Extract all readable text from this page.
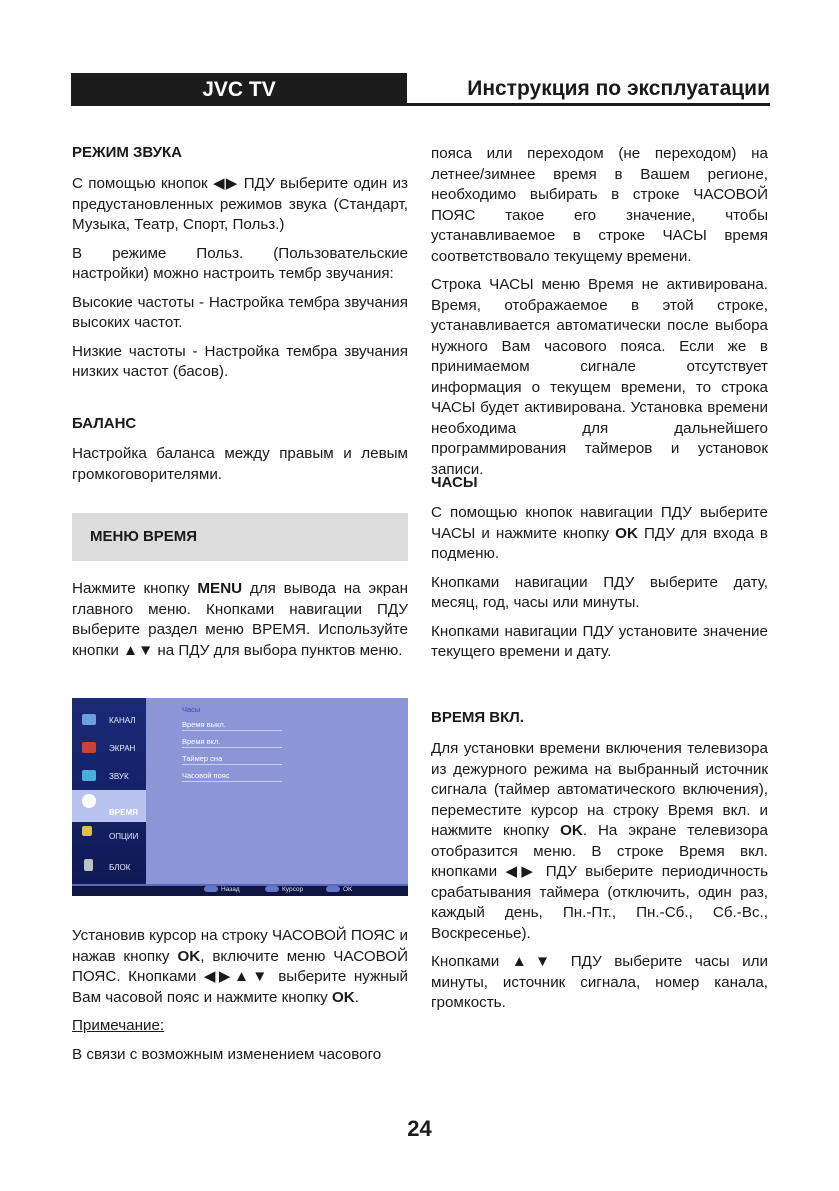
JVC TV	Инструкция по эксплуатации
РЕЖИМ ЗВУКА

С помощью кнопок ◀▶ ПДУ выберите один из предустановленных режимов звука (Стандарт, Музыка, Театр, Спорт, Польз.)

В режиме Польз. (Пользовательские настройки) можно настроить тембр звучания:

Высокие частоты - Настройка тембра звучания высоких частот.

Низкие частоты - Настройка тембра звучания низких частот (басов).

БАЛАНС

Настройка баланса между правым и левым громкоговорителями.

МЕНЮ ВРЕМЯ

Нажмите кнопку MENU для вывода на экран главного меню. Кнопками навигации ПДУ выберите раздел меню ВРЕМЯ. Используйте кнопки ▲▼ на ПДУ для выбора пунктов меню.

КАНАЛ
ЭКРАН
ЗВУК
ВРЕМЯ
ОПЦИИ
БЛОК
Часы
Время выкл.
Время вкл.
Таймер сна
Часовой пояс
Назад	Курсор	OK

Установив курсор на строку ЧАСОВОЙ ПОЯС и нажав кнопку OK, включите меню ЧАСОВОЙ ПОЯС. Кнопками ◀▶▲▼ выберите нужный Вам часовой пояс и нажмите кнопку OK.

Примечание:

В связи с возможным изменением часового

пояса или переходом (не переходом) на летнее/зимнее время в Вашем регионе, необходимо выбирать в строке ЧАСОВОЙ ПОЯС такое его значение, чтобы устанавливаемое в строке ЧАСЫ время соответствовало текущему времени.

Строка ЧАСЫ меню Время не активирована. Время, отображаемое в этой строке, устанавливается автоматически после выбора нужного Вам часового пояса. Если же в принимаемом сигнале отсутствует информация о текущем времени, то строка ЧАСЫ будет активирована. Установка времени необходима для дальнейшего программирования таймеров и установок записи.

ЧАСЫ

С помощью кнопок навигации ПДУ выберите ЧАСЫ и нажмите кнопку OK ПДУ для входа в подменю.

Кнопками навигации ПДУ выберите дату, месяц, год, часы или минуты.

Кнопками навигации ПДУ установите значение текущего времени и дату.

ВРЕМЯ ВКЛ.

Для установки времени включения телевизора из дежурного режима на выбранный источник сигнала (таймер автоматического включения), переместите курсор на строку Время вкл. и нажмите кнопку OK. На экране телевизора отобразится меню. В строке Время вкл. кнопками ◀▶ ПДУ выберите периодичность срабатывания таймера (отключить, один раз, каждый день, Пн.-Пт., Пн.-Сб., Сб.-Вс., Воскресенье).

Кнопками ▲▼ ПДУ выберите часы или минуты, источник сигнала, номер канала, громкость.

24
